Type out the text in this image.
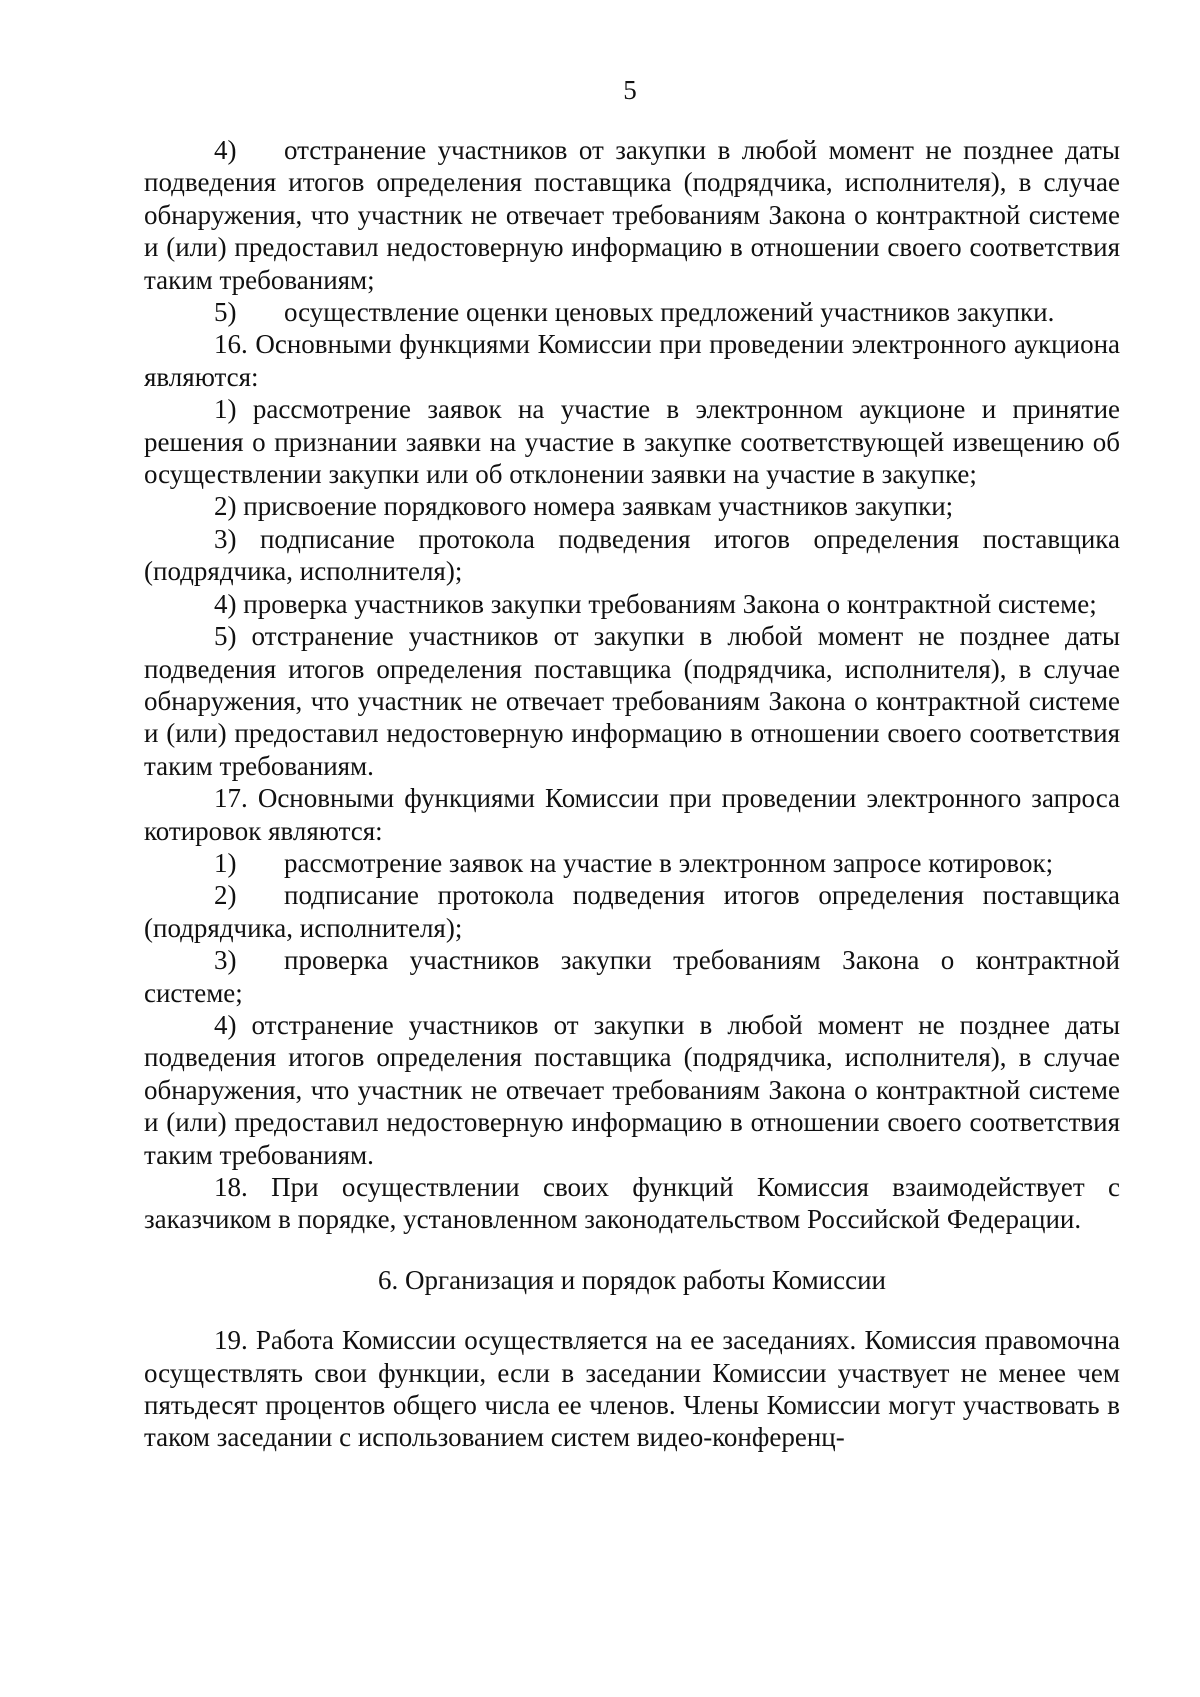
5

4) отстранение участников от закупки в любой момент не позднее даты подведения итогов определения поставщика (подрядчика, исполнителя), в случае обнаружения, что участник не отвечает требованиям Закона о контрактной системе и (или) предоставил недостоверную информацию в отношении своего соответствия таким требованиям;

5) осуществление оценки ценовых предложений участников закупки.

16. Основными функциями Комиссии при проведении электронного аукциона являются:

1) рассмотрение заявок на участие в электронном аукционе и принятие решения о признании заявки на участие в закупке соответствующей извещению об осуществлении закупки или об отклонении заявки на участие в закупке;

2) присвоение порядкового номера заявкам участников закупки;

3) подписание протокола подведения итогов определения поставщика (подрядчика, исполнителя);

4) проверка участников закупки требованиям Закона о контрактной системе;

5) отстранение участников от закупки в любой момент не позднее даты подведения итогов определения поставщика (подрядчика, исполнителя), в случае обнаружения, что участник не отвечает требованиям Закона о контрактной системе и (или) предоставил недостоверную информацию в отношении своего соответствия таким требованиям.

17. Основными функциями Комиссии при проведении электронного запроса котировок являются:

1) рассмотрение заявок на участие в электронном запросе котировок;

2) подписание протокола подведения итогов определения поставщика (подрядчика, исполнителя);

3) проверка участников закупки требованиям Закона о контрактной системе;

4) отстранение участников от закупки в любой момент не позднее даты подведения итогов определения поставщика (подрядчика, исполнителя), в случае обнаружения, что участник не отвечает требованиям Закона о контрактной системе и (или) предоставил недостоверную информацию в отношении своего соответствия таким требованиям.

18. При осуществлении своих функций Комиссия взаимодействует с заказчиком в порядке, установленном законодательством Российской Федерации.

6. Организация и порядок работы Комиссии

19. Работа Комиссии осуществляется на ее заседаниях. Комиссия правомочна осуществлять свои функции, если в заседании Комиссии участвует не менее чем пятьдесят процентов общего числа ее членов. Члены Комиссии могут участвовать в таком заседании с использованием систем видео-конференц-
